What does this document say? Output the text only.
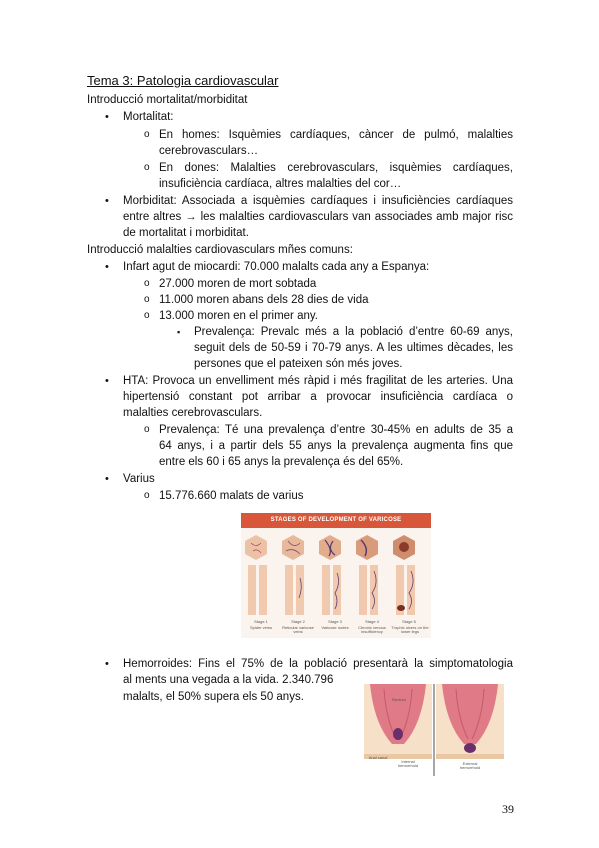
Tema 3: Patologia cardiovascular
Introducció mortalitat/morbiditat
• Mortalitat:
o En homes: Isquèmies cardíaques, càncer de pulmó, malalties
cerebrovasculars…
o En dones: Malalties cerebrovasculars, isquèmies cardíaques,
insuficiència cardíaca, altres malalties del cor…
• Morbiditat: Associada a isquèmies cardíaques i insuficiències cardíaques
entre altres → les malalties cardiovasculars van associades amb major risc
de mortalitat i morbiditat.
Introducció malalties cardiovasculars mñes comuns:
• Infart agut de miocardi: 70.000 malalts cada any a Espanya:
o 27.000 moren de mort sobtada
o 11.000 moren abans dels 28 dies de vida
o 13.000 moren en el primer any.
▪ Prevalença: Prevalc més a la població d’entre 60-69 anys,
seguit dels de 50-59 i 70-79 anys. A les ultimes dècades, les
persones que el pateixen són més joves.
• HTA: Provoca un envelliment més ràpid i més fragilitat de les arteries. Una
hipertensió constant pot arribar a provocar insuficiència cardíaca o
malalties cerebrovasculars.
o Prevalença: Té una prevalença d’entre 30-45% en adults de 35 a
64 anys, i a partir dels 55 anys la prevalença augmenta fins que
entre els 60 i 65 anys la prevalença és del 65%.
• Varius
o 15.776.660 malats de varius
STAGES OF DEVELOPMENT OF VARICOSE
Stage 1	Stage 2	Stage 3	Stage 4	Stage 5
Spider veins	Reticular varicose veins
Varicose nodes	Chronic venous insufficiency
Trophic ulcers on the lower legs
• Hemorroides: Fins el 75% de la població presentarà la simptomatologia
al ments una vegada a la vida. 2.340.796
malalts, el 50% supera els 50 anys.	Rectum
Anal canal
Internal hemorrhoid	External hemorrhoid
39
